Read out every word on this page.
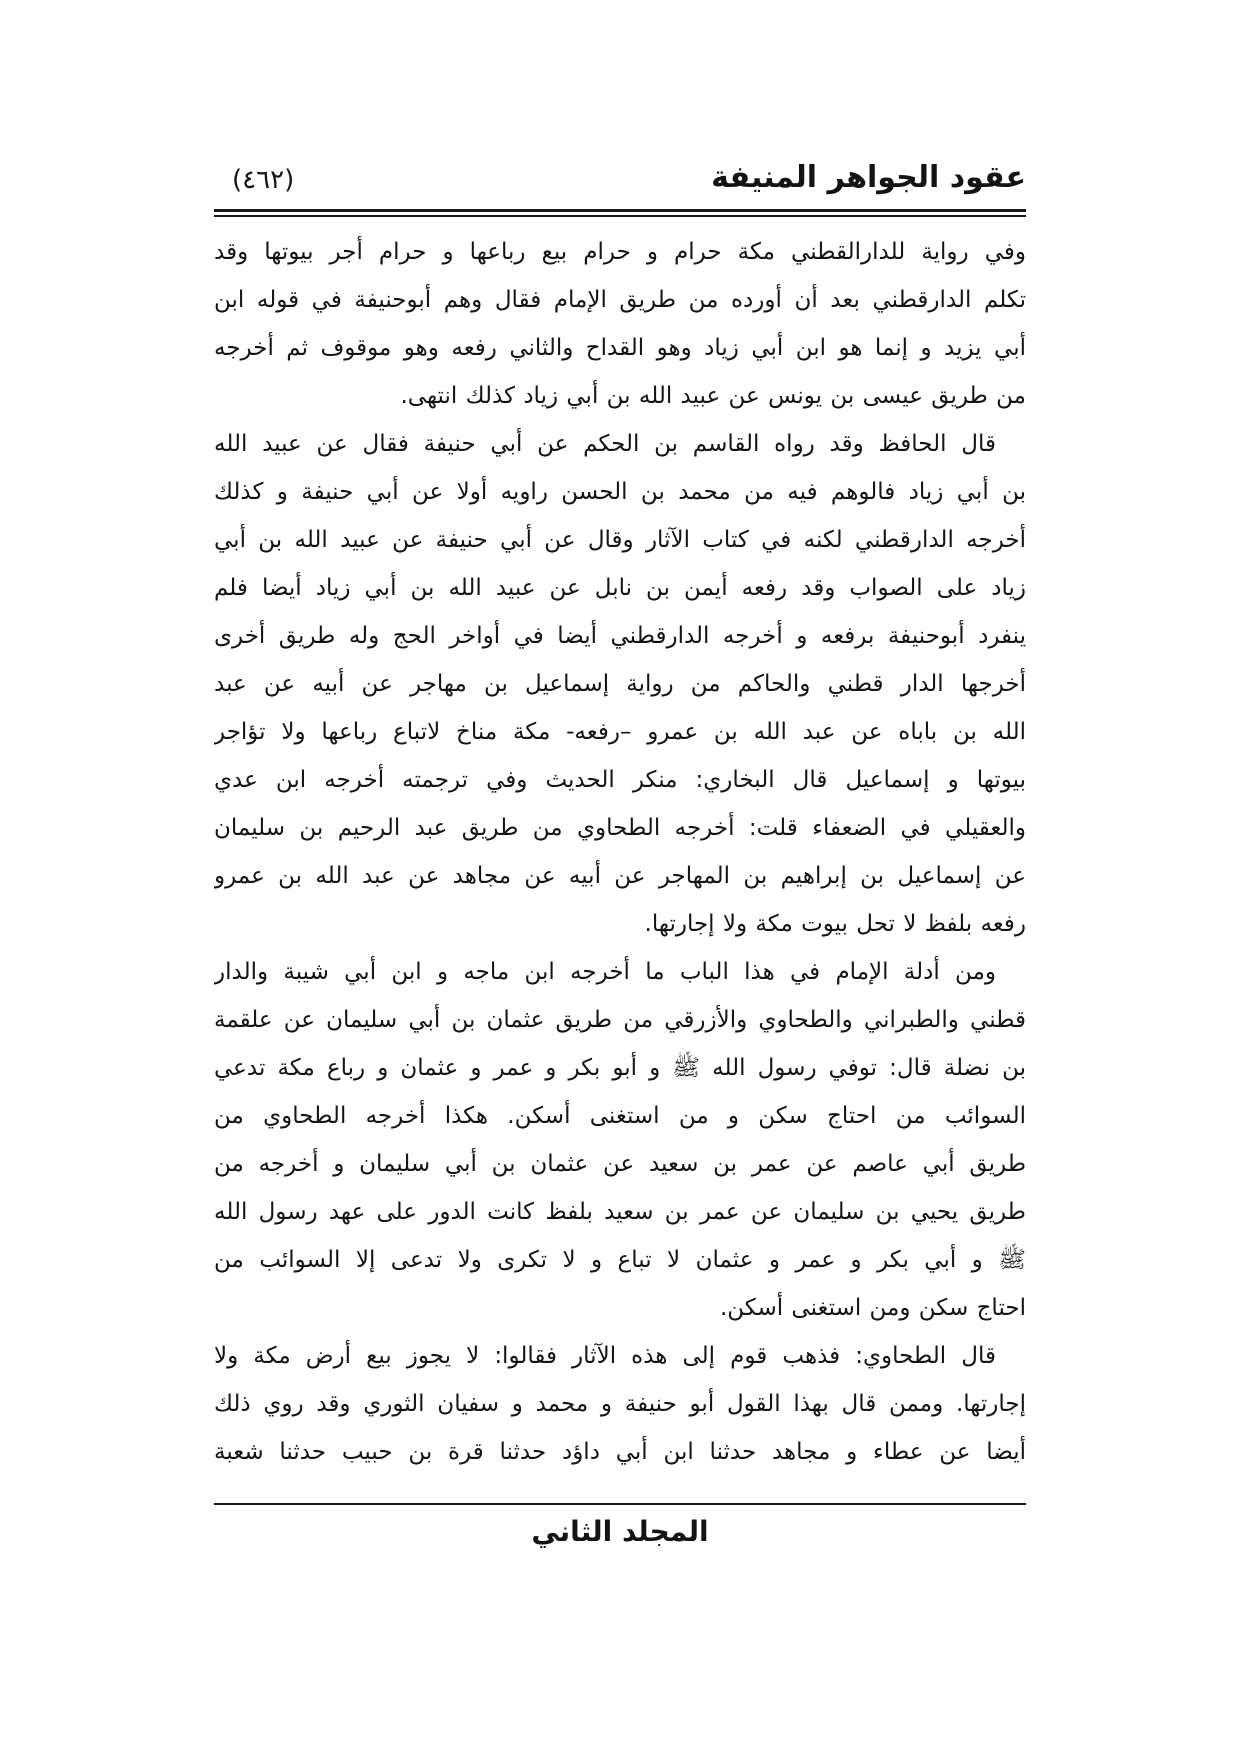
عقود الجواهر المنيفة
(٤٦٢)
وفي رواية للدارالقطني مكة حرام و حرام بيع رباعها و حرام أجر بيوتها وقد
تكلم الدارقطني بعد أن أورده من طريق الإمام فقال وهم أبوحنيفة في قوله ابن
أبي يزيد و إنما هو ابن أبي زياد وهو القداح والثاني رفعه وهو موقوف ثم أخرجه
من طريق عيسى بن يونس عن عبيد الله بن أبي زياد كذلك انتهى.
قال الحافظ وقد رواه القاسم بن الحكم عن أبي حنيفة فقال عن عبيد الله
بن أبي زياد فالوهم فيه من محمد بن الحسن راويه أولا عن أبي حنيفة و كذلك
أخرجه الدارقطني لكنه في كتاب الآثار وقال عن أبي حنيفة عن عبيد الله بن أبي
زياد على الصواب وقد رفعه أيمن بن نابل عن عبيد الله بن أبي زياد أيضا فلم
ينفرد أبوحنيفة برفعه و أخرجه الدارقطني أيضا في أواخر الحج وله طريق أخرى
أخرجها الدار قطني والحاكم من رواية إسماعيل بن مهاجر عن أبيه عن عبد
الله بن باباه عن عبد الله بن عمرو –رفعه- مكة مناخ لاتباع رباعها ولا تؤاجر
بيوتها و إسماعيل قال البخاري: منكر الحديث وفي ترجمته أخرجه ابن عدي
والعقيلي في الضعفاء قلت: أخرجه الطحاوي من طريق عبد الرحيم بن سليمان
عن إسماعيل بن إبراهيم بن المهاجر عن أبيه عن مجاهد عن عبد الله بن عمرو
رفعه بلفظ لا تحل بيوت مكة ولا إجارتها.
ومن أدلة الإمام في هذا الباب ما أخرجه ابن ماجه و ابن أبي شيبة والدار
قطني والطبراني والطحاوي والأزرقي من طريق عثمان بن أبي سليمان عن علقمة
بن نضلة قال: توفي رسول الله ﷺ و أبو بكر و عمر و عثمان و رباع مكة تدعي
السوائب من احتاج سكن و من استغنى أسكن. هكذا أخرجه الطحاوي من
طريق أبي عاصم عن عمر بن سعيد عن عثمان بن أبي سليمان و أخرجه من
طريق يحيي بن سليمان عن عمر بن سعيد بلفظ كانت الدور على عهد رسول الله
ﷺ و أبي بكر و عمر و عثمان لا تباع و لا تكرى ولا تدعى إلا السوائب من
احتاج سكن ومن استغنى أسكن.
قال الطحاوي: فذهب قوم إلى هذه الآثار فقالوا: لا يجوز بيع أرض مكة ولا
إجارتها. وممن قال بهذا القول أبو حنيفة و محمد و سفيان الثوري وقد روي ذلك
أيضا عن عطاء و مجاهد حدثنا ابن أبي داؤد حدثنا قرة بن حبيب حدثنا شعبة
المجلد الثاني
